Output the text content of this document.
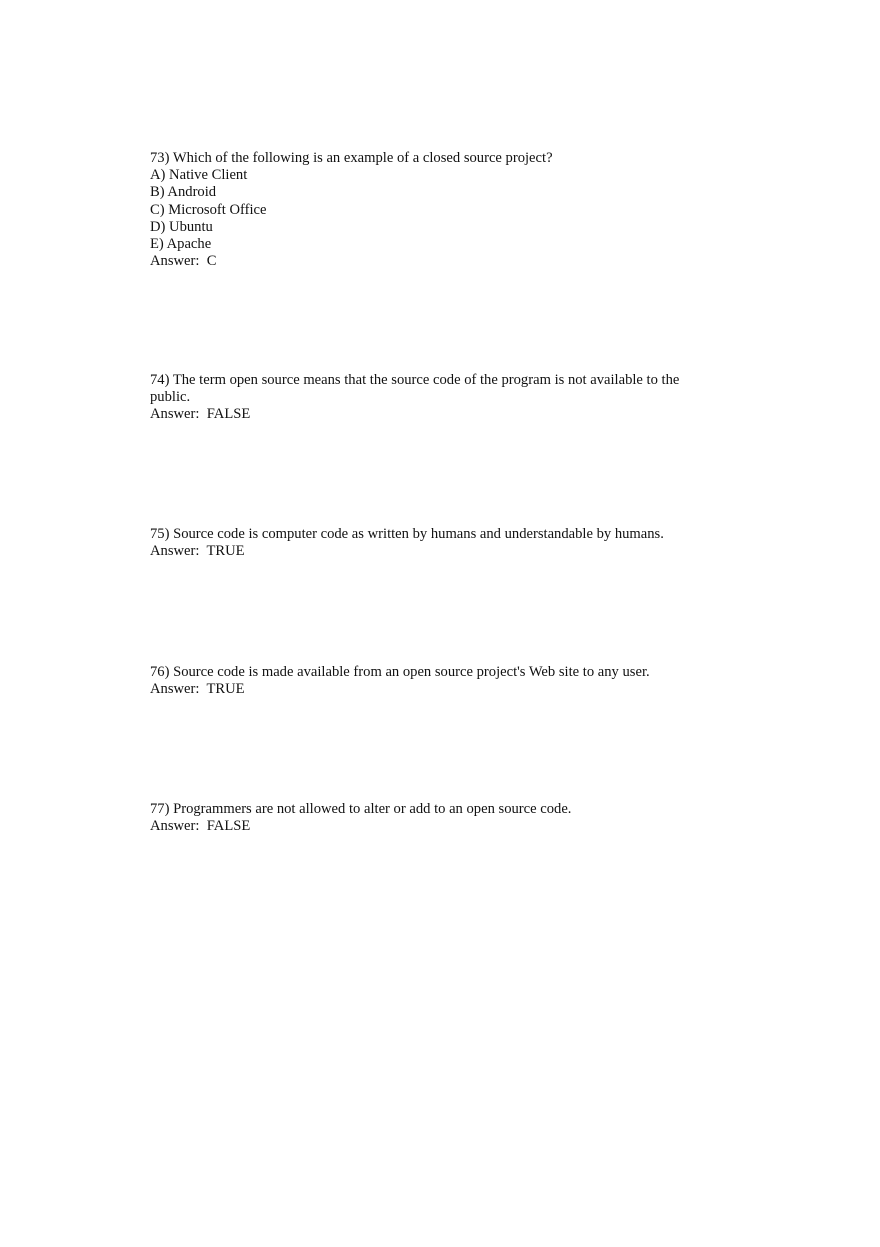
73) Which of the following is an example of a closed source project?
A) Native Client
B) Android
C) Microsoft Office
D) Ubuntu
E) Apache
Answer:  C
74) The term open source means that the source code of the program is not available to the public.
Answer:  FALSE
75) Source code is computer code as written by humans and understandable by humans.
Answer:  TRUE
76) Source code is made available from an open source project's Web site to any user.
Answer:  TRUE
77) Programmers are not allowed to alter or add to an open source code.
Answer:  FALSE
